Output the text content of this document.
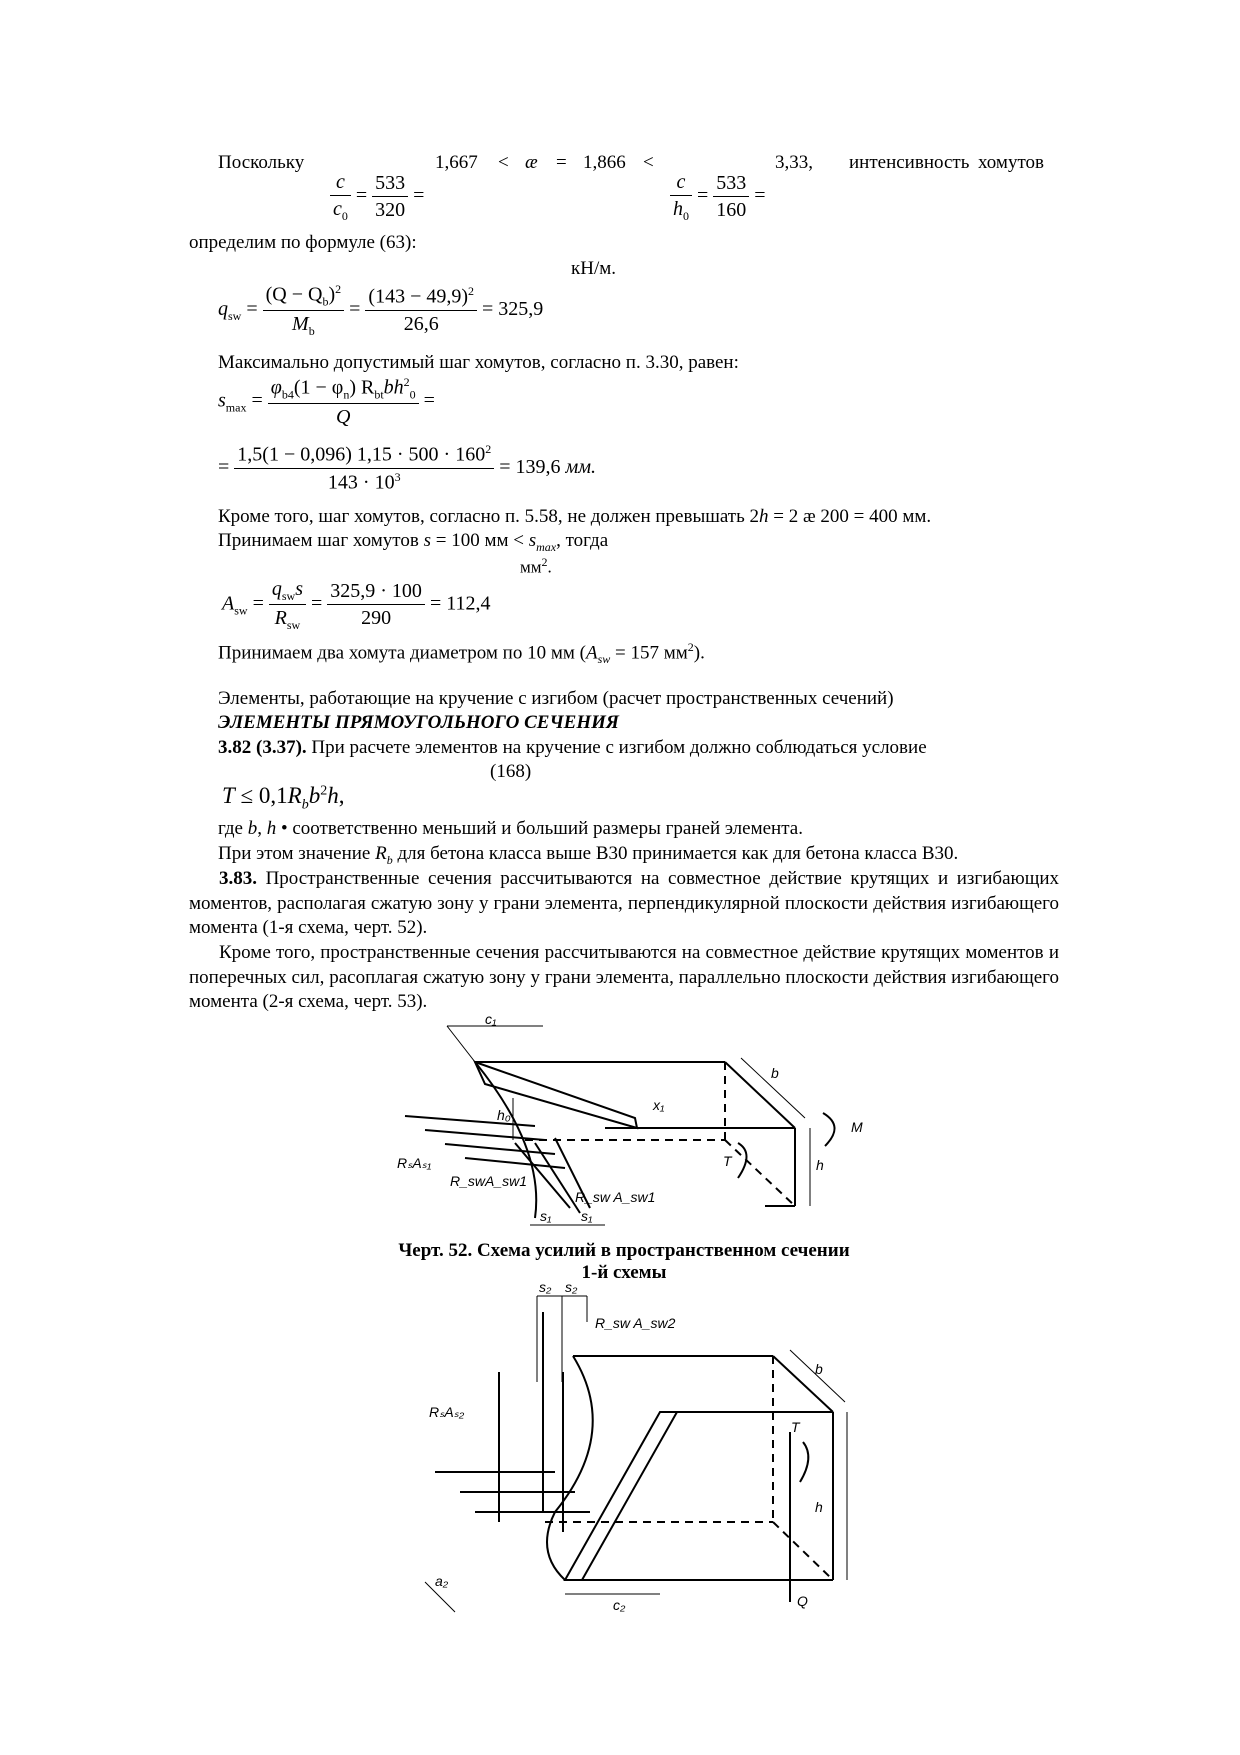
Поскольку	1,667 < æ = 1,866 <	3,33, интенсивность хомутов
$\frac{c}{c_0} = \frac{533}{320}$ =	$\frac{c}{h_0} = \frac{533}{160}$ =
определим по формуле (63):
кН/м.
$q_{sw} = \frac{(Q - Q_b)^2}{M_b} = \frac{(143 - 49,9)^2}{26,6} = 325,9$
Максимально допустимый шаг хомутов, согласно п. 3.30, равен:
$s_{max} = \frac{\varphi_{b4}(1 - \varphi_n) R_{bt}bh^2_0}{Q}$ =
= $\frac{1,5(1 - 0,096) 1,15 \cdot 500 \cdot 160^2}{143 \cdot 10^3} = 139,6$ мм.
Кроме того, шаг хомутов, согласно п. 5.58, не должен превышать 2h = 2 æ 200 = 400 мм.
Принимаем шаг хомутов s = 100 мм < $s_{max}$, тогда
$мм^2$.
$A_{sw} = \frac{q_{sw}s}{R_{sw}} = \frac{325,9 \cdot 100}{290} = 112,4$
Принимаем два хомута диаметром по 10 мм ($A_{sw} = 157$ $мм^2$).
Элементы, работающие на кручение с изгибом (расчет пространственных сечений)
ЭЛЕМЕНТЫ ПРЯМОУГОЛЬНОГО СЕЧЕНИЯ
3.82 (3.37). При расчете элементов на кручение с изгибом должно соблюдаться условие
(168)
$T \le 0,1R_bb^2h$,
где b, h • соответственно меньший и больший размеры граней элемента.
При этом значение $R_b$ для бетона класса выше В30 принимается как для бетона класса В30.
3.83. Пространственные сечения рассчитываются на совместное действие крутящих и изгибающих моментов, располагая сжатую зону у грани элемента, перпендикулярной плоскости действия изгибающего момента (1-я схема, черт. 52).
Кроме того, пространственные сечения рассчитываются на совместное действие крутящих моментов и поперечных сил, расоплагая сжатую зону у грани элемента, параллельно плоскости действия изгибающего момента (2-я схема, черт. 53).
c₁
b
h₀
x₁
T
M
h
RₛAₛ₁
R_swA_sw1
R_sw A_sw1
s₁ s₁
Черт. 52. Схема усилий в пространственном сечении
1-й схемы
s₂ s₂
R_sw A_sw2
RₛAₛ₂
b
T
h
a₂
c₂	Q
